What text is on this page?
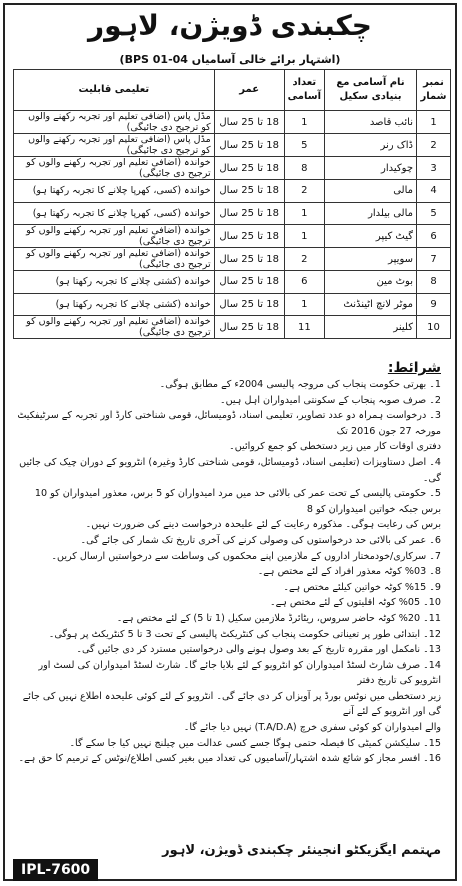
چکبندی ڈویژن، لاہور
(اشتہار برائے خالی آسامیاں BPS 01-04)
نمبر شمار	نام آسامی مع بنیادی سکیل	تعداد آسامی	عمر	تعلیمی قابلیت
1	نائب قاصد	1	18 تا 25 سال	مڈل پاس (اضافی تعلیم اور تجربہ رکھنے والوں کو ترجیح دی جائیگی)
2	ڈاک رنر	5	18 تا 25 سال	مڈل پاس (اضافی تعلیم اور تجربہ رکھنے والوں کو ترجیح دی جائیگی)
3	چوکیدار	8	18 تا 25 سال	خواندہ (اضافی تعلیم اور تجربہ رکھنے والوں کو ترجیح دی جائیگی)
4	مالی	2	18 تا 25 سال	خواندہ (کسی، کھرپا چلانے کا تجربہ رکھتا ہو)
5	مالی بیلدار	1	18 تا 25 سال	خواندہ (کسی، کھرپا چلانے کا تجربہ رکھتا ہو)
6	گیٹ کیپر	1	18 تا 25 سال	خواندہ (اضافی تعلیم اور تجربہ رکھنے والوں کو ترجیح دی جائیگی)
7	سویپر	2	18 تا 25 سال	خواندہ (اضافی تعلیم اور تجربہ رکھنے والوں کو ترجیح دی جائیگی)
8	بوٹ مین	6	18 تا 25 سال	خواندہ (کشتی چلانے کا تجربہ رکھتا ہو)
9	موٹر لانچ اٹینڈنٹ	1	18 تا 25 سال	خواندہ (کشتی چلانے کا تجربہ رکھتا ہو)
10	کلینر	11	18 تا 25 سال	خواندہ (اضافی تعلیم اور تجربہ رکھنے والوں کو ترجیح دی جائیگی)
شرائط:
1۔ بھرتی حکومت پنجاب کی مروجہ پالیسی 2004ء کے مطابق ہوگی۔
2۔ صرف صوبہ پنجاب کے سکونتی امیدواران اہل ہیں۔
3۔ درخواست ہمراہ دو عدد تصاویر، تعلیمی اسناد، ڈومیسائل، قومی شناختی کارڈ اور تجربہ کے سرٹیفکیٹ مورخہ 27 جون 2016 تک
دفتری اوقات کار میں زیر دستخطی کو جمع کروائیں۔
4۔ اصل دستاویزات (تعلیمی اسناد، ڈومیسائل، قومی شناختی کارڈ وغیرہ) انٹرویو کے دوران چیک کی جائیں گی۔
5۔ حکومتی پالیسی کے تحت عمر کی بالائی حد میں مرد امیدواران کو 5 برس، معذور امیدواران کو 10 برس جبکہ خواتین امیدواران کو 8
برس کی رعایت ہوگی۔ مذکورہ رعایت کے لئے علیحدہ درخواست دینے کی ضرورت نہیں۔
6۔ عمر کی بالائی حد درخواستوں کی وصولی کرنے کی آخری تاریخ تک شمار کی جائے گی۔
7۔ سرکاری/خودمختار اداروں کے ملازمین اپنے محکموں کی وساطت سے درخواستیں ارسال کریں۔
8۔ 03% کوٹہ معذور افراد کے لئے مختص ہے۔
9۔ 15% کوٹہ خواتین کیلئے مختص ہے۔
10۔ 05% کوٹہ اقلیتوں کے لئے مختص ہے۔
11۔ 20% کوٹہ حاضر سروس، ریٹائرڈ ملازمین سکیل (1 تا 5) کے لئے مختص ہے۔
12۔ ابتدائی طور پر تعیناتی حکومت پنجاب کی کنٹریکٹ پالیسی کے تحت 3 تا 5 کنٹریکٹ پر ہوگی۔
13۔ نامکمل اور مقررہ تاریخ کے بعد وصول ہونے والی درخواستیں مسترد کر دی جائیں گی۔
14۔ صرف شارٹ لسٹڈ امیدواران کو انٹرویو کے لئے بلایا جائے گا۔ شارٹ لسٹڈ امیدواران کی لسٹ اور انٹرویو کی تاریخ دفتر
زیر دستخطی میں نوٹس بورڈ پر آویزاں کر دی جائے گی۔ انٹرویو کے لئے کوئی علیحدہ اطلاع نہیں کی جائے گی اور انٹرویو کے لئے آنے
والے امیدواران کو کوئی سفری خرچ (T.A/D.A) نہیں دیا جائے گا۔
15۔ سلیکشن کمیٹی کا فیصلہ حتمی ہوگا جسے کسی عدالت میں چیلنج نہیں کیا جا سکے گا۔
16۔ افسر مجاز کو شائع شدہ اشتہار/آسامیوں کی تعداد میں بغیر کسی اطلاع/نوٹس کے ترمیم کا حق ہے۔
مہتمم ایگزیکٹو انجینئر چکبندی ڈویژن، لاہور
IPL-7600
